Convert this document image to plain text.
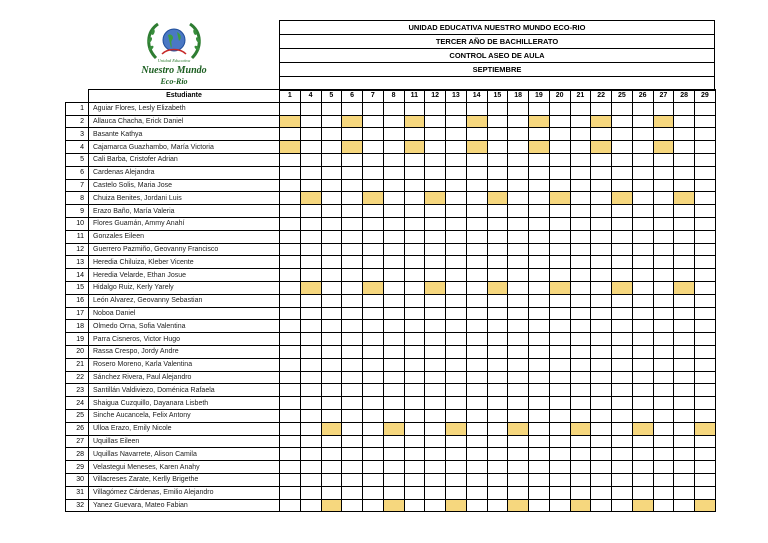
Unidad Educativa
Nuestro Mundo
Eco-Rio
UNIDAD EDUCATIVA NUESTRO MUNDO ECO-RIO
TERCER AÑO DE BACHILLERATO
CONTROL ASEO DE AULA
SEPTIEMBRE

	Estudiante	1	4	5	6	7	8	11	12	13	14	15	18	19	20	21	22	25	26	27	28	29
1	Aguiar Flores, Lesly Elizabeth																					
2	Allauca Chacha, Erick Daniel																					
3	Basante Kathya																					
4	Cajamarca Guazhambo, María Victoria																					
5	Cali Barba, Cristofer Adrian																					
6	Cardenas Alejandra																					
7	Castelo Solis, Maria Jose																					
8	Chuiza Benites, Jordani Luis																					
9	Erazo Baño, María Valeria																					
10	Flores Guamán, Ammy Anahí																					
11	Gonzales Eileen																					
12	Guerrero Pazmiño, Geovanny Francisco																					
13	Heredia Chiluiza, Kleber Vicente																					
14	Heredia Velarde, Ethan Josue																					
15	Hidalgo Ruiz, Kerly Yarely																					
16	León Alvarez, Geovanny Sebastian																					
17	Noboa Daniel																					
18	Olmedo Orna, Sofia Valentina																					
19	Parra Cisneros, Victor Hugo																					
20	Rassa Crespo, Jordy Andre																					
21	Rosero Moreno, Karla Valentina																					
22	Sánchez Rivera, Paul Alejandro																					
23	Santillán Valdiviezo, Doménica Rafaela																					
24	Shaigua Cuzquillo, Dayanara Lisbeth																					
25	Sinche Aucancela, Felix Antony																					
26	Ulloa Erazo, Emily Nicole																					
27	Uquillas Eileen																					
28	Uquillas Navarrete, Alison Camila																					
29	Velastegui Meneses, Karen Anahy																					
30	Villacreses Zarate, Kerlly Brigethe																					
31	Villagómez Cárdenas, Emilio Alejandro																					
32	Yanez Guevara, Mateo Fabian																					
